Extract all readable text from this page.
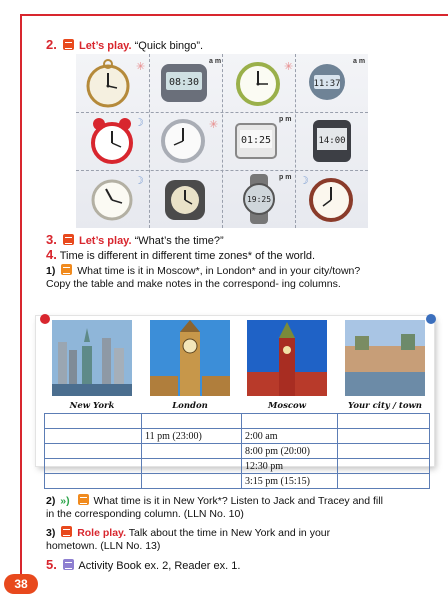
2. Let’s play. “Quick bingo”.
✳
08:30
a m	✳
11:37
a m
☽	✳
01:25
p m
14:00
☽
19:25
p m ☽
3. Let’s play. “What’s the time?”
4. Time is different in different time zones* of the world.
1) What time is it in Moscow*, in London* and in your city/town? Copy the table and make notes in the correspond- ing columns.
New York	London	Moscow	Your city / town

	11 pm (23:00)	2:00 am	
		8:00 pm (20:00)	
		12:30 pm	
		3:15 pm (15:15)	
2) ») What time is it in New York*? Listen to Jack and Tracey and fill in the corresponding column. (LLN No. 10)
3) Role play. Talk about the time in New York and in your hometown. (LLN No. 13)
5. Activity Book ex. 2, Reader ex. 1.
38
